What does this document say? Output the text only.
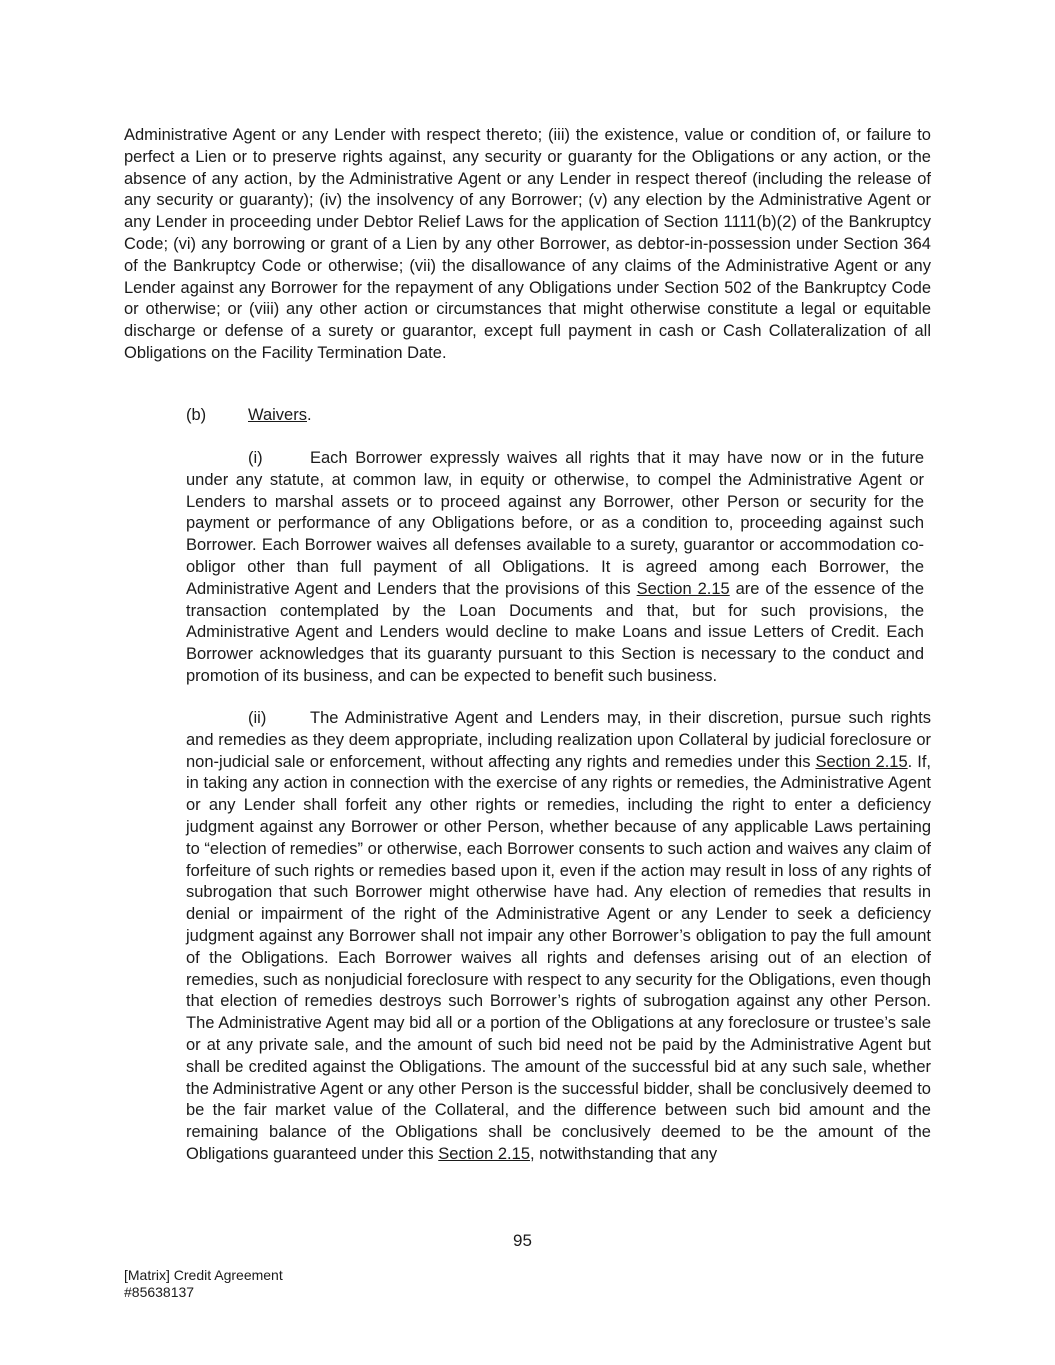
Administrative Agent or any Lender with respect thereto; (iii) the existence, value or condition of, or failure to perfect a Lien or to preserve rights against, any security or guaranty for the Obligations or any action, or the absence of any action, by the Administrative Agent or any Lender in respect thereof (including the release of any security or guaranty); (iv) the insolvency of any Borrower; (v) any election by the Administrative Agent or any Lender in proceeding under Debtor Relief Laws for the application of Section 1111(b)(2) of the Bankruptcy Code; (vi) any borrowing or grant of a Lien by any other Borrower, as debtor-in-possession under Section 364 of the Bankruptcy Code or otherwise; (vii) the disallowance of any claims of the Administrative Agent or any Lender against any Borrower for the repayment of any Obligations under Section 502 of the Bankruptcy Code or otherwise; or (viii) any other action or circumstances that might otherwise constitute a legal or equitable discharge or defense of a surety or guarantor, except full payment in cash or Cash Collateralization of all Obligations on the Facility Termination Date.
(b)	Waivers.
(i)	Each Borrower expressly waives all rights that it may have now or in the future under any statute, at common law, in equity or otherwise, to compel the Administrative Agent or Lenders to marshal assets or to proceed against any Borrower, other Person or security for the payment or performance of any Obligations before, or as a condition to, proceeding against such Borrower. Each Borrower waives all defenses available to a surety, guarantor or accommodation co-obligor other than full payment of all Obligations. It is agreed among each Borrower, the Administrative Agent and Lenders that the provisions of this Section 2.15 are of the essence of the transaction contemplated by the Loan Documents and that, but for such provisions, the Administrative Agent and Lenders would decline to make Loans and issue Letters of Credit. Each Borrower acknowledges that its guaranty pursuant to this Section is necessary to the conduct and promotion of its business, and can be expected to benefit such business.
(ii)	The Administrative Agent and Lenders may, in their discretion, pursue such rights and remedies as they deem appropriate, including realization upon Collateral by judicial foreclosure or non-judicial sale or enforcement, without affecting any rights and remedies under this Section 2.15. If, in taking any action in connection with the exercise of any rights or remedies, the Administrative Agent or any Lender shall forfeit any other rights or remedies, including the right to enter a deficiency judgment against any Borrower or other Person, whether because of any applicable Laws pertaining to “election of remedies” or otherwise, each Borrower consents to such action and waives any claim of forfeiture of such rights or remedies based upon it, even if the action may result in loss of any rights of subrogation that such Borrower might otherwise have had. Any election of remedies that results in denial or impairment of the right of the Administrative Agent or any Lender to seek a deficiency judgment against any Borrower shall not impair any other Borrower’s obligation to pay the full amount of the Obligations. Each Borrower waives all rights and defenses arising out of an election of remedies, such as nonjudicial foreclosure with respect to any security for the Obligations, even though that election of remedies destroys such Borrower’s rights of subrogation against any other Person. The Administrative Agent may bid all or a portion of the Obligations at any foreclosure or trustee’s sale or at any private sale, and the amount of such bid need not be paid by the Administrative Agent but shall be credited against the Obligations. The amount of the successful bid at any such sale, whether the Administrative Agent or any other Person is the successful bidder, shall be conclusively deemed to be the fair market value of the Collateral, and the difference between such bid amount and the remaining balance of the Obligations shall be conclusively deemed to be the amount of the Obligations guaranteed under this Section 2.15, notwithstanding that any
95
[Matrix] Credit Agreement
#85638137
